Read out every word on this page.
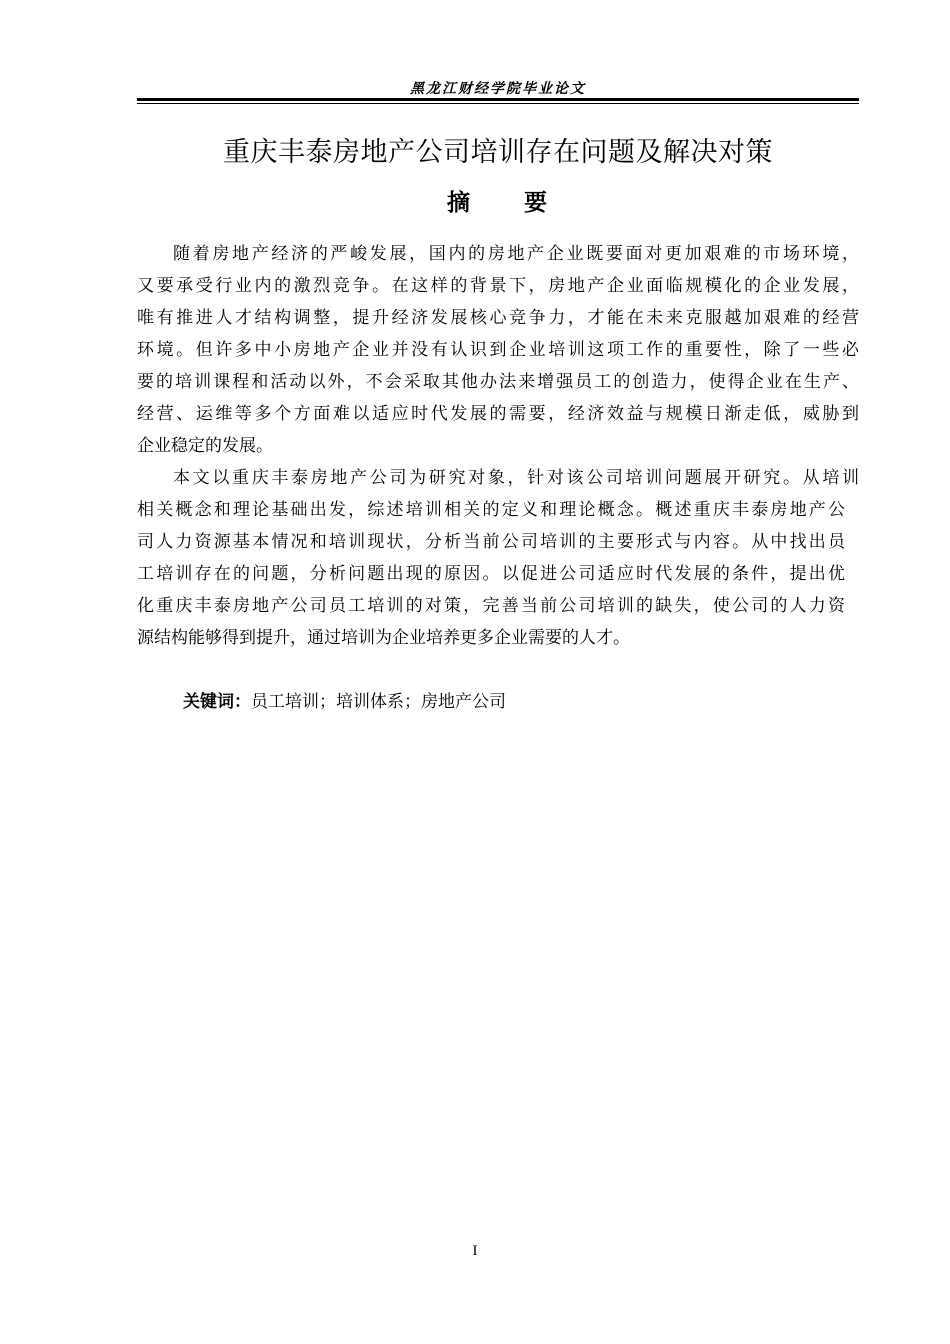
黑龙江财经学院毕业论文
重庆丰泰房地产公司培训存在问题及解决对策
摘 要

随着房地产经济的严峻发展，国内的房地产企业既要面对更加艰难的市场环境，
又要承受行业内的激烈竞争。在这样的背景下，房地产企业面临规模化的企业发展，
唯有推进人才结构调整，提升经济发展核心竞争力，才能在未来克服越加艰难的经营
环境。但许多中小房地产企业并没有认识到企业培训这项工作的重要性，除了一些必
要的培训课程和活动以外，不会采取其他办法来增强员工的创造力，使得企业在生产、
经营、运维等多个方面难以适应时代发展的需要，经济效益与规模日渐走低，威胁到
企业稳定的发展。

本文以重庆丰泰房地产公司为研究对象，针对该公司培训问题展开研究。从培训
相关概念和理论基础出发，综述培训相关的定义和理论概念。概述重庆丰泰房地产公
司人力资源基本情况和培训现状，分析当前公司培训的主要形式与内容。从中找出员
工培训存在的问题，分析问题出现的原因。以促进公司适应时代发展的条件，提出优
化重庆丰泰房地产公司员工培训的对策，完善当前公司培训的缺失，使公司的人力资
源结构能够得到提升，通过培训为企业培养更多企业需要的人才。

关键词：员工培训；培训体系；房地产公司
I
